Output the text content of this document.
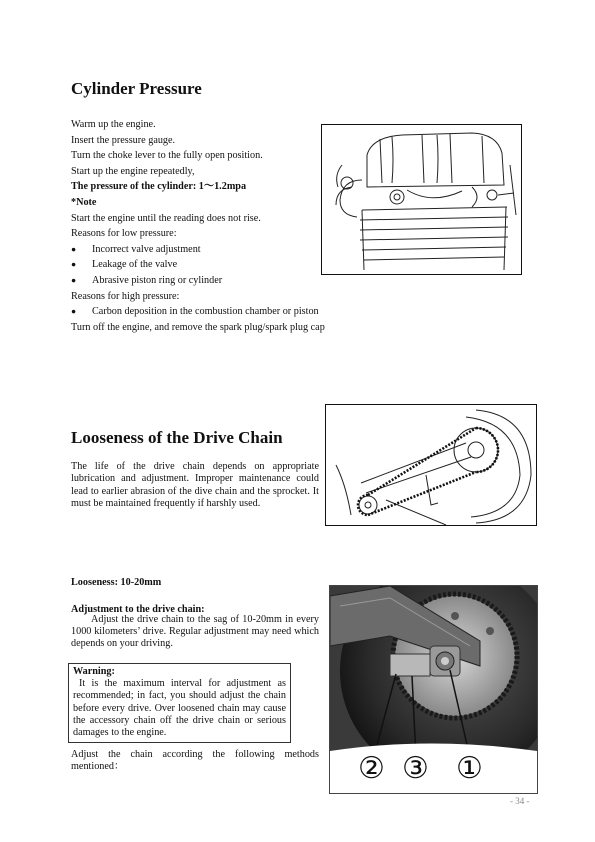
Cylinder Pressure
Warm up the engine.
Insert the pressure gauge.
Turn the choke lever to the fully open position.
Start up the engine repeatedly,
The pressure of the cylinder: 1〜1.2mpa
*Note
Start the engine until the reading does not rise.
Reasons for low pressure:
● Incorrect valve adjustment
● Leakage of the valve
● Abrasive piston ring or cylinder
Reasons for high pressure:
● Carbon deposition in the combustion chamber or piston
Turn off the engine, and remove the spark plug/spark plug cap
Looseness of the Drive Chain
The life of the drive chain depends on appropriate lubrication and adjustment. Improper maintenance could lead to earlier abrasion of the dive chain and the sprocket. It must be maintained frequently if harshly used.
Looseness: 10-20mm
Adjustment to the drive chain:
Adjust the drive chain to the sag of 10-20mm in every 1000 kilometers’ drive. Regular adjustment may need which depends on your driving.
Warning:
It is the maximum interval for adjustment as recommended; in fact, you should adjust the chain before every drive. Over loosened chain may cause the accessory chain off the drive chain or serious damages to the engine.
Adjust the chain according the following methods mentioned：	② ③ ①
- 34 -
